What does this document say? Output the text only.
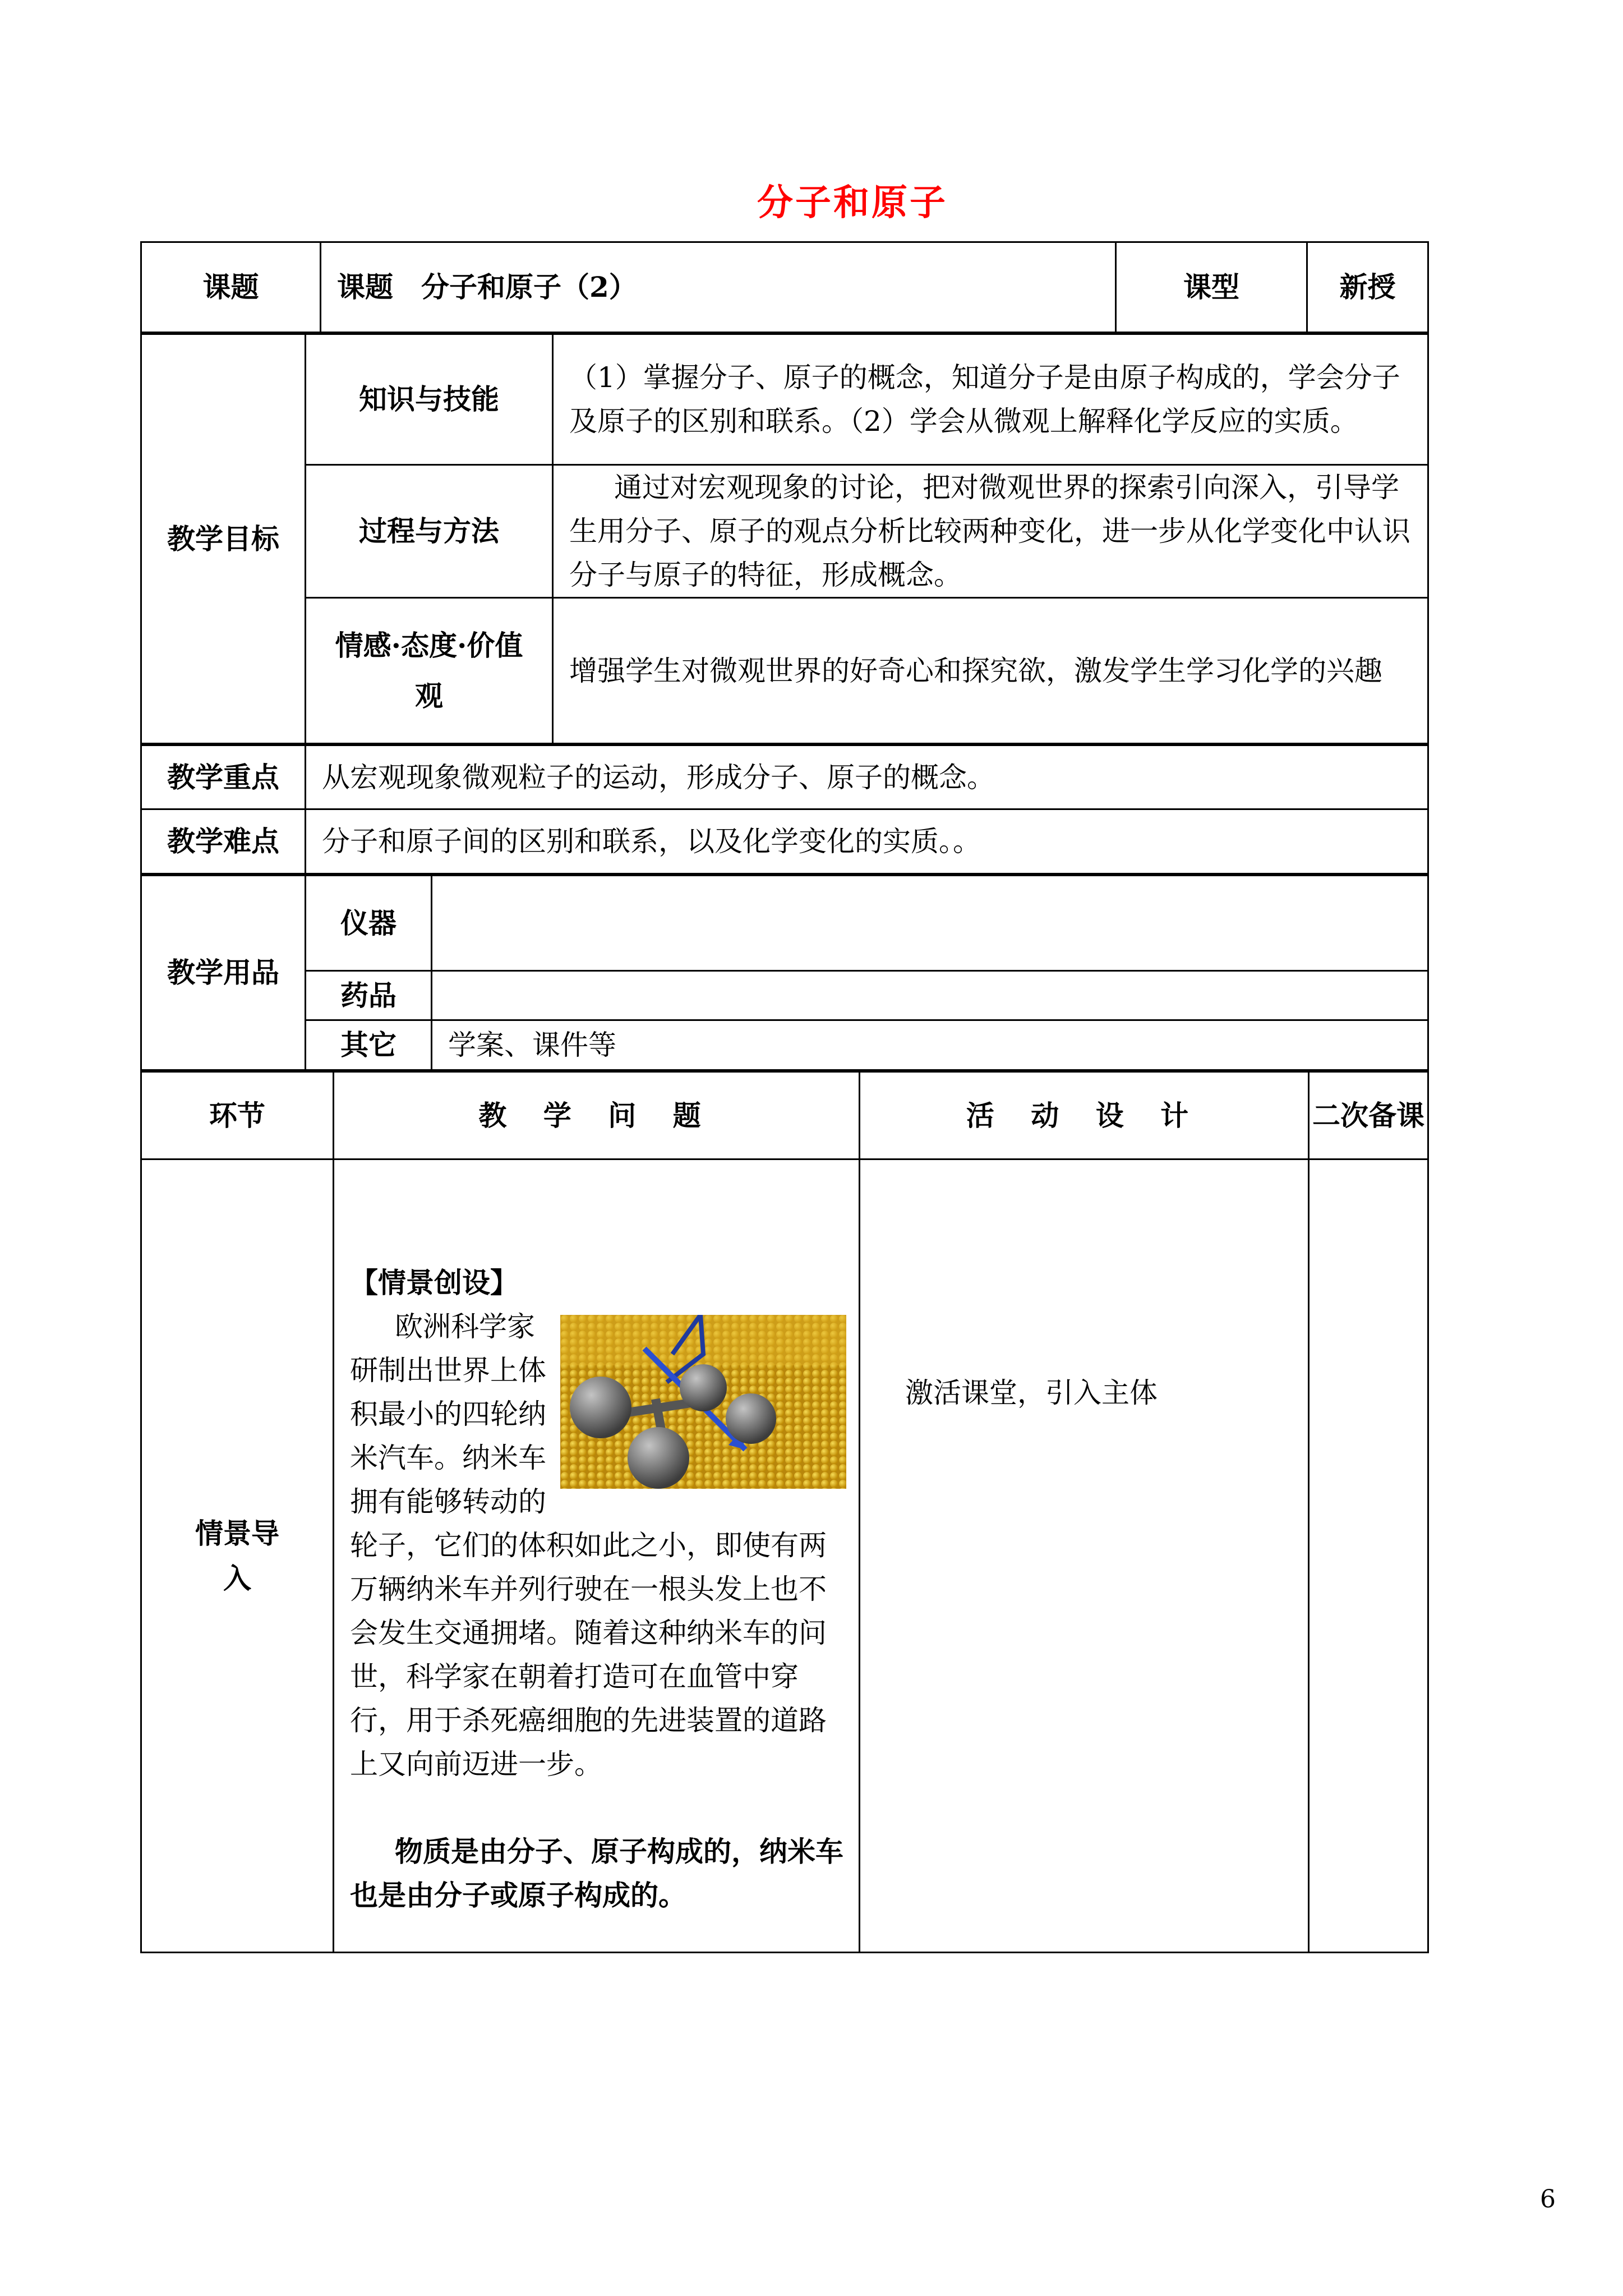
分子和原子
课题	课题　分子和原子（2）	课型	新授
教学目标	知识与技能	（1）掌握分子、原子的概念，知道分子是由原子构成的，学会分子及原子的区别和联系。（2）学会从微观上解释化学反应的实质。
	过程与方法	通过对宏观现象的讨论，把对微观世界的探索引向深入，引导学生用分子、原子的观点分析比较两种变化，进一步从化学变化中认识分子与原子的特征，形成概念。
	情感·态度·价值观	增强学生对微观世界的好奇心和探究欲，激发学生学习化学的兴趣
教学重点	从宏观现象微观粒子的运动，形成分子、原子的概念。
教学难点	分子和原子间的区别和联系，以及化学变化的实质。。
教学用品	仪器	
	药品	
	其它	学案、课件等
环节	教 学 问 题	活 动 设 计	二次备课
情景导入	【情景创设】
欧洲科学家研制出世界上体积最小的四轮纳米汽车。纳米车拥有能够转动的轮子，它们的体积如此之小，即使有两万辆纳米车并列行驶在一根头发上也不会发生交通拥堵。随着这种纳米车的问世，科学家在朝着打造可在血管中穿行，用于杀死癌细胞的先进装置的道路上又向前迈进一步。
物质是由分子、原子构成的，纳米车也是由分子或原子构成的。	激活课堂，引入主体	
6
